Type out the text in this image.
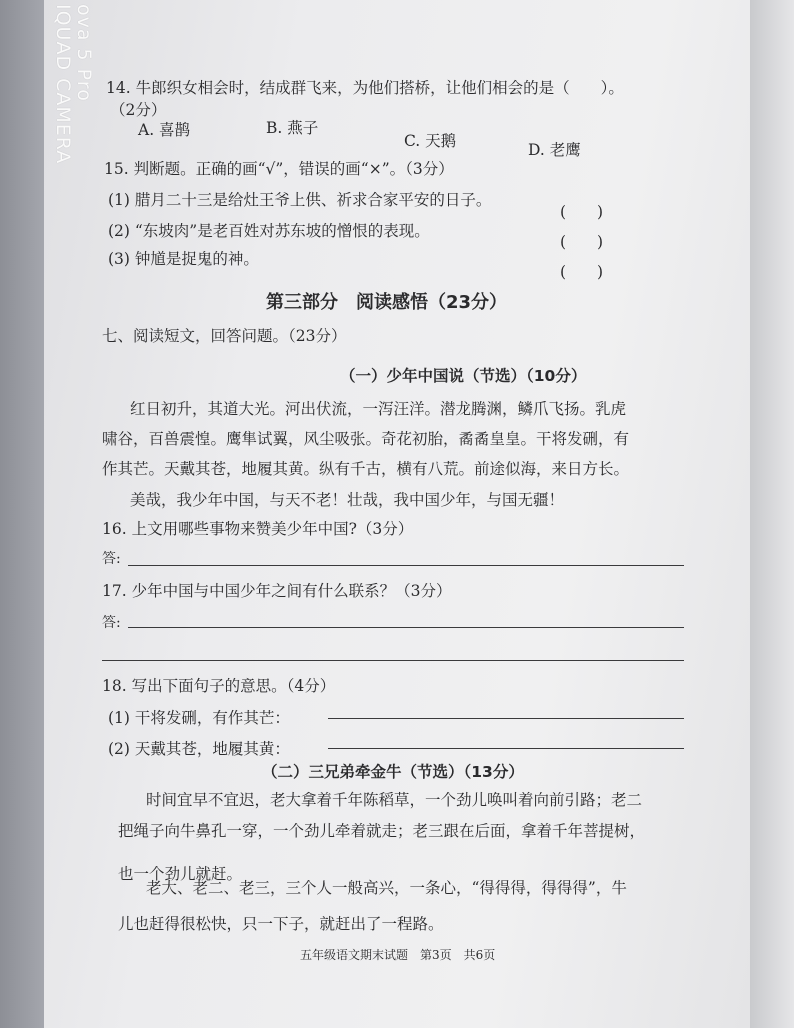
14. 牛郎织女相会时，结成群飞来，为他们搭桥，让他们相会的是（　　）。
（2分）
A. 喜鹊	B. 燕子
C. 天鹅	D. 老鹰
15. 判断题。正确的画“√”，错误的画“×”。（3分）
(1) 腊月二十三是给灶王爷上供、祈求合家平安的日子。
(　　)
(2) “东坡肉”是老百姓对苏东坡的憎恨的表现。
(　　)
(3) 钟馗是捉鬼的神。
(　　)
第三部分　阅读感悟（23分）
七、阅读短文，回答问题。（23分）
（一）少年中国说（节选）（10分）
红日初升，其道大光。河出伏流，一泻汪洋。潜龙腾渊，鳞爪飞扬。乳虎
啸谷，百兽震惶。鹰隼试翼，风尘吸张。奇花初胎，矞矞皇皇。干将发硎，有
作其芒。天戴其苍，地履其黄。纵有千古，横有八荒。前途似海，来日方长。
美哉，我少年中国，与天不老！壮哉，我中国少年，与国无疆！
16. 上文用哪些事物来赞美少年中国?（3分）
答:
17. 少年中国与中国少年之间有什么联系？（3分）
答:
18. 写出下面句子的意思。（4分）
(1) 干将发硎，有作其芒：
(2) 天戴其苍，地履其黄：
（二）三兄弟牵金牛（节选）（13分）
时间宜早不宜迟，老大拿着千年陈稻草，一个劲儿唤叫着向前引路；老二
把绳子向牛鼻孔一穿，一个劲儿牵着就走；老三跟在后面，拿着千年菩提树，
也一个劲儿就赶。
老大、老二、老三，三个人一般高兴，一条心，“得得得，得得得”，牛
儿也赶得很松快，只一下子，就赶出了一程路。
五年级语文期末试题　第3页　共6页
ova 5 Pro
IQUAD CAMERA
